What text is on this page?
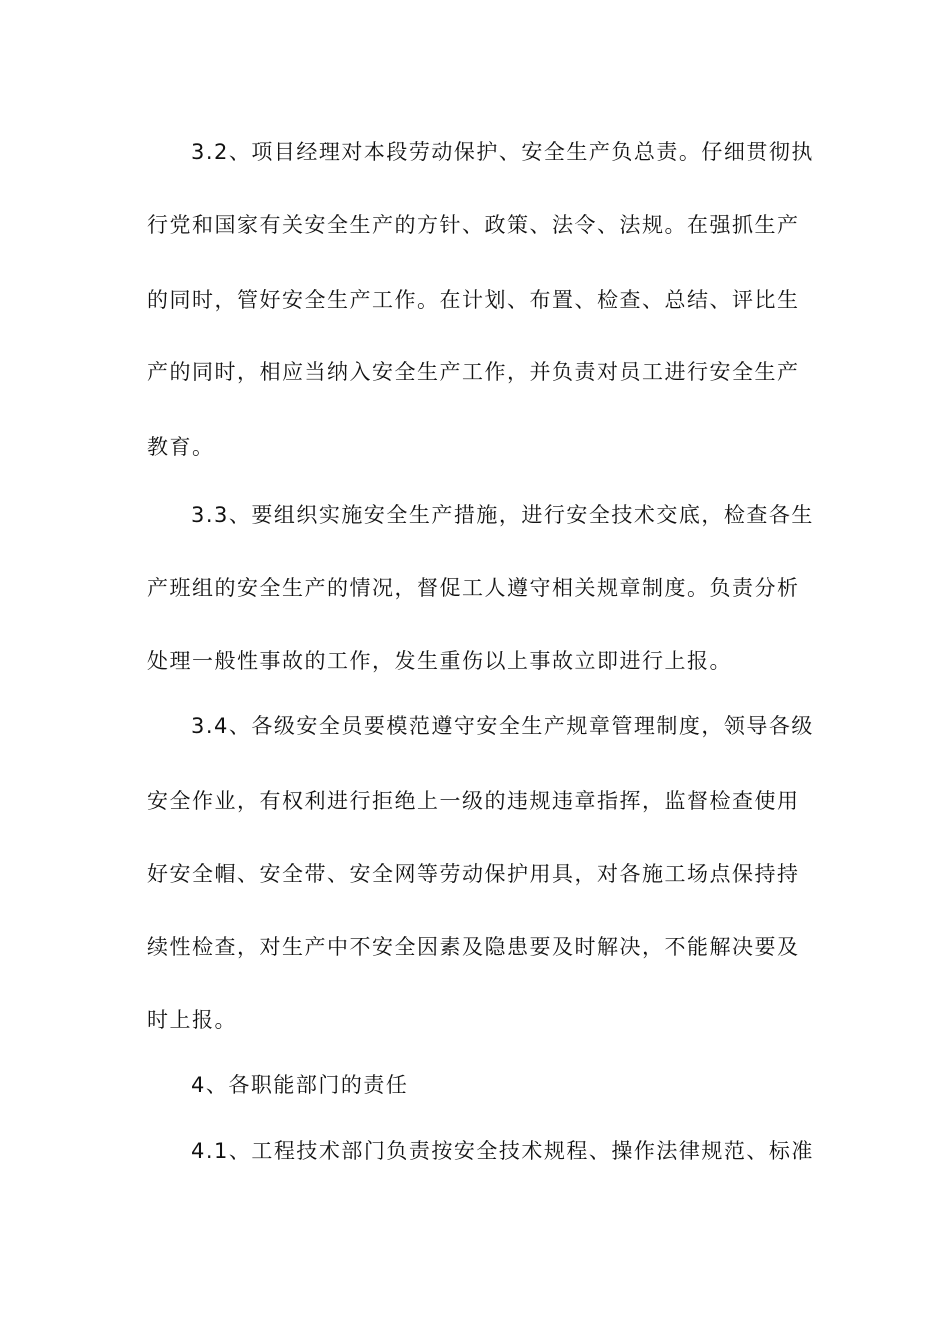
3.2、项目经理对本段劳动保护、安全生产负总责。仔细贯彻执
行党和国家有关安全生产的方针、政策、法令、法规。在强抓生产
的同时，管好安全生产工作。在计划、布置、检查、总结、评比生
产的同时，相应当纳入安全生产工作，并负责对员工进行安全生产
教育。
3.3、要组织实施安全生产措施，进行安全技术交底，检查各生
产班组的安全生产的情况，督促工人遵守相关规章制度。负责分析
处理一般性事故的工作，发生重伤以上事故立即进行上报。
3.4、各级安全员要模范遵守安全生产规章管理制度，领导各级
安全作业，有权利进行拒绝上一级的违规违章指挥，监督检查使用
好安全帽、安全带、安全网等劳动保护用具，对各施工场点保持持
续性检查，对生产中不安全因素及隐患要及时解决，不能解决要及
时上报。
4、各职能部门的责任
4.1、工程技术部门负责按安全技术规程、操作法律规范、标准
